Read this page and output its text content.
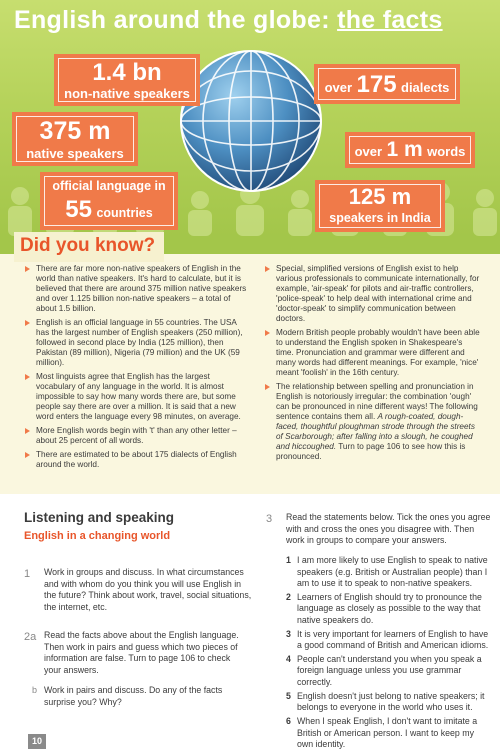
English around the globe: the facts
1.4 bn
non-native speakers	over 175 dialects
375 m
native speakers	over 1 m words
official language in
55 countries
125 m
speakers in India
There are far more non-native speakers of English in the world than native speakers. It's hard to calculate, but it is believed that there are around 375 million native speakers and over 1.125 billion non-native speakers – a total of about 1.5 billion.
English is an official language in 55 countries. The USA has the largest number of English speakers (250 million), followed in second place by India (125 million), then Pakistan (89 million), Nigeria (79 million) and the UK (59 million).
Most linguists agree that English has the largest vocabulary of any language in the world. It is almost impossible to say how many words there are, but some people say there are over a million. It is said that a new word enters the language every 98 minutes, on average.
More English words begin with 't' than any other letter – about 25 percent of all words.
There are estimated to be about 175 dialects of English around the world.
Special, simplified versions of English exist to help various professionals to communicate internationally, for example, 'air-speak' for pilots and air-traffic controllers, 'police-speak' to help deal with international crime and 'doctor-speak' to simplify communication between doctors.
Modern British people probably wouldn't have been able to understand the English spoken in Shakespeare's time. Pronunciation and grammar were different and many words had different meanings. For example, 'nice' meant 'foolish' in the 16th century.
The relationship between spelling and pronunciation in English is notoriously irregular: the combination 'ough' can be pronounced in nine different ways! The following sentence contains them all. A rough-coated, dough-faced, thoughtful ploughman strode through the streets of Scarborough; after falling into a slough, he coughed and hiccoughed. Turn to page 106 to see how this is pronounced.
Did you know?
Listening and speaking
English in a changing world
1 Work in groups and discuss. In what circumstances and with whom do you think you will use English in the future? Think about work, travel, social situations, the internet, etc.
2a Read the facts above about the English language. Then work in pairs and guess which two pieces of information are false. Turn to page 106 to check your answers.
b Work in pairs and discuss. Do any of the facts surprise you? Why?
3 Read the statements below. Tick the ones you agree with and cross the ones you disagree with. Then work in groups to compare your answers.
1 I am more likely to use English to speak to native speakers (e.g. British or Australian people) than I am to use it to speak to non-native speakers.
2 Learners of English should try to pronounce the language as closely as possible to the way that native speakers do.
3 It is very important for learners of English to have a good command of British and American idioms.
4 People can't understand you when you speak a foreign language unless you use grammar correctly.
5 English doesn't just belong to native speakers; it belongs to everyone in the world who uses it.
6 When I speak English, I don't want to imitate a British or American person. I want to keep my own identity.
10
